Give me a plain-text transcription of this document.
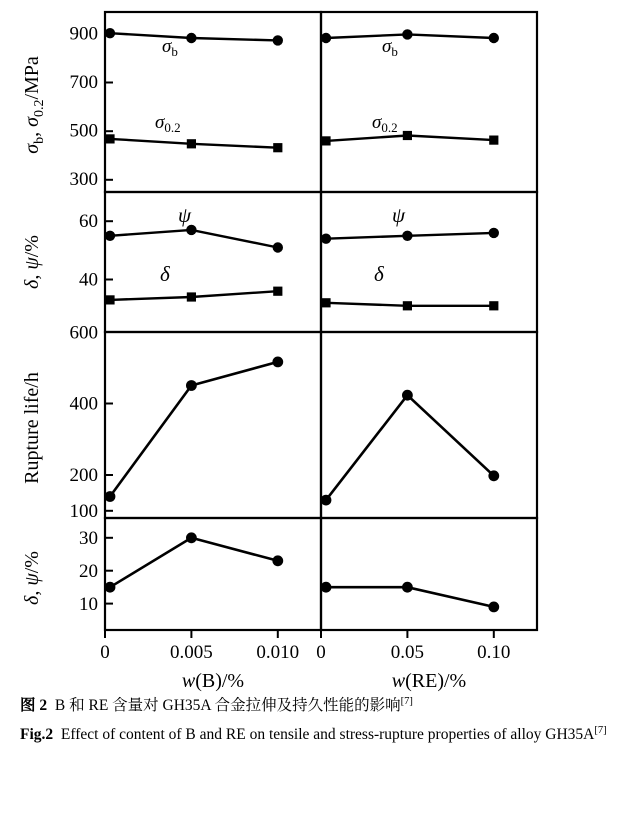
300
500
700
900
$\sigma_b$, $\sigma_{0.2}$/MPa
$\sigma_b$
$\sigma_{0.2}$
$\sigma_b$
$\sigma_{0.2}$
40
60
δ, ψ/%
ψ
δ
ψ
δ
100
200
400
600
Rupture life/h
10
20
30
δ, ψ/%
0	0.005 0.010 0	0.05	0.10
w(B)/%	w(RE)/%
图 2 B 和 RE 含量对 GH35A 合金拉伸及持久性能的影响[7]
Fig.2 Effect of content of B and RE on tensile and stress-rupture properties of alloy GH35A[7]
